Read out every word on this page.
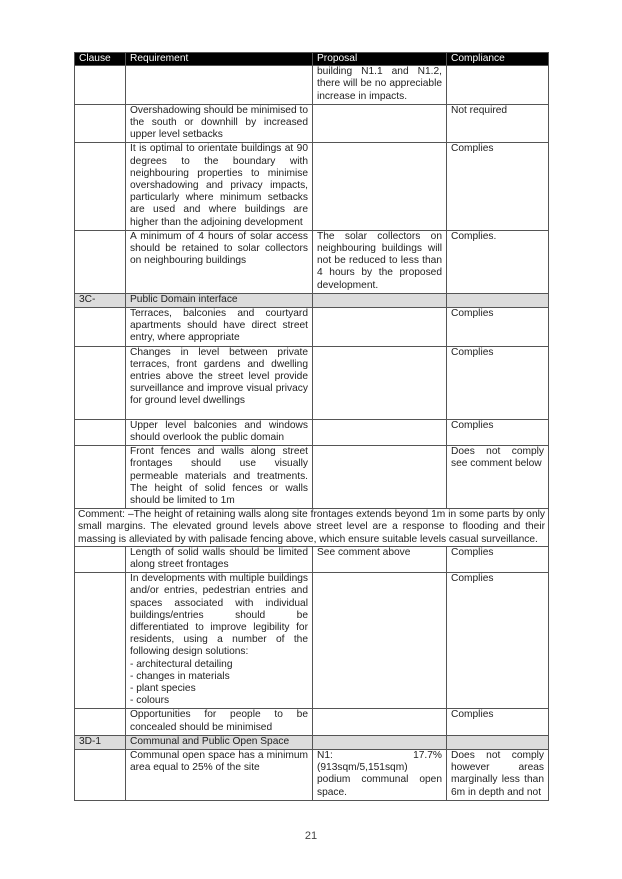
Clause	Requirement	Proposal	Compliance
		building N1.1 and N1.2, there will be no appreciable increase in impacts.	
	Overshadowing should be minimised to the south or downhill by increased upper level setbacks		Not required
	It is optimal to orientate buildings at 90 degrees to the boundary with neighbouring properties to minimise overshadowing and privacy impacts, particularly where minimum setbacks are used and where buildings are higher than the adjoining development		Complies
	A minimum of 4 hours of solar access should be retained to solar collectors on neighbouring buildings	The solar collectors on neighbouring buildings will not be reduced to less than 4 hours by the proposed development.	Complies.
3C-	Public Domain interface		
	Terraces, balconies and courtyard apartments should have direct street entry, where appropriate		Complies
	Changes in level between private terraces, front gardens and dwelling entries above the street level provide surveillance and improve visual privacy for ground level dwellings		Complies
	Upper level balconies and windows should overlook the public domain		Complies
	Front fences and walls along street frontages should use visually permeable materials and treatments. The height of solid fences or walls should be limited to 1m		Does not comply see comment below
Comment: –The height of retaining walls along site frontages extends beyond 1m in some parts by only small margins. The elevated ground levels above street level are a response to flooding and their massing is alleviated by with palisade fencing above, which ensure suitable levels casual surveillance.			
	Length of solid walls should be limited along street frontages	See comment above	Complies

	In developments with multiple buildings and/or entries, pedestrian entries and spaces associated with individual buildings/entries should be differentiated to improve legibility for residents, using a number of the following design solutions:
- architectural detailing
- changes in materials
- plant species
- colours		Complies
	Opportunities for people to be concealed should be minimised		Complies
3D-1	Communal and Public Open Space		
	Communal open space has a minimum area equal to 25% of the site	N1: 17.7% (913sqm/5,151sqm) podium communal open space.	Does not comply however areas marginally less than 6m in depth and not
21
